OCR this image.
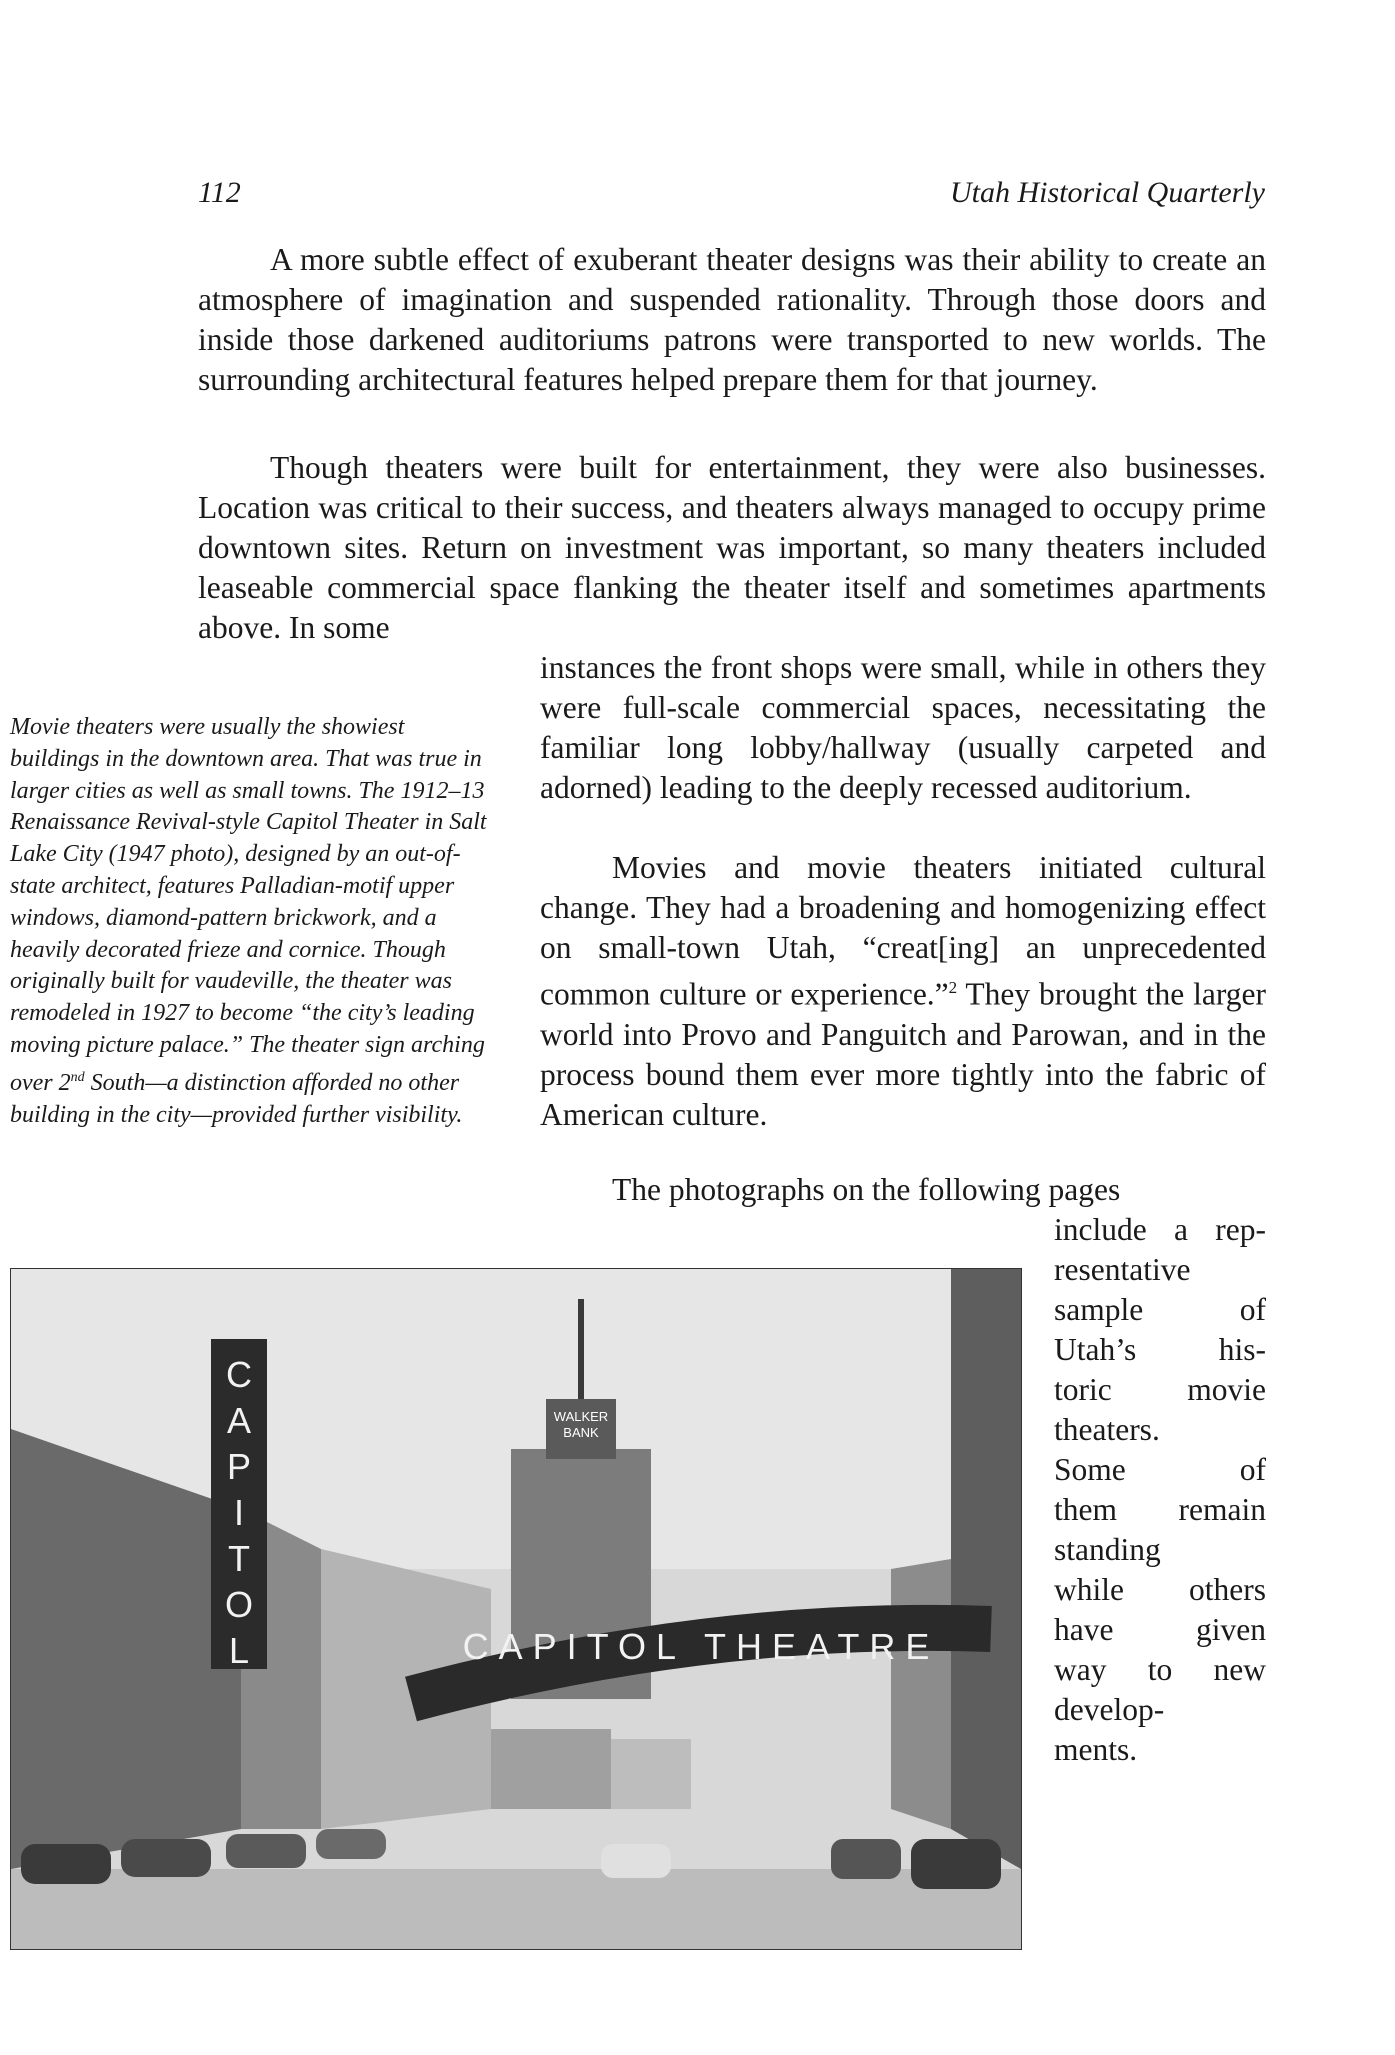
112	Utah Historical Quarterly

A more subtle effect of exuberant theater designs was their ability to create an atmosphere of imagination and suspended rationality. Through those doors and inside those darkened auditoriums patrons were transported to new worlds. The surrounding architectural features helped prepare them for that journey.

Though theaters were built for entertainment, they were also businesses. Location was critical to their success, and theaters always managed to occupy prime downtown sites. Return on investment was important, so many theaters included leaseable commercial space flanking the theater itself and sometimes apartments above. In some

instances the front shops were small, while in others they were full-scale commercial spaces, necessitating the familiar long lobby/hallway (usually carpeted and adorned) leading to the deeply recessed auditorium.

Movies and movie theaters initiated cultural change. They had a broadening and homogenizing effect on small-town Utah, “creat[ing] an unprecedented common culture or experience.”$^2$ They brought the larger world into Provo and Panguitch and Parowan, and in the process bound them ever more tightly into the fabric of American culture.

The photographs on the following pages

include a rep-
resentative
sample of
Utah’s his-
toric movie
theaters.
Some of
them remain
standing
while others
have given
way to new
develop-
ments.

Movie theaters were usually the showiest buildings in the downtown area. That was true in larger cities as well as small towns. The 1912–13 Renaissance Revival-style Capitol Theater in Salt Lake City (1947 photo), designed by an out-of-state architect, features Palladian-motif upper windows, diamond-pattern brickwork, and a heavily decorated frieze and cornice. Though originally built for vaudeville, the theater was remodeled in 1927 to become “the city’s leading moving picture palace.” The theater sign arching over 2nd South—a distinction afforded no other building in the city—provided further visibility.

WALKER
BANK
C
A
P
I
T
O
L	CAPITOL THEATRE
